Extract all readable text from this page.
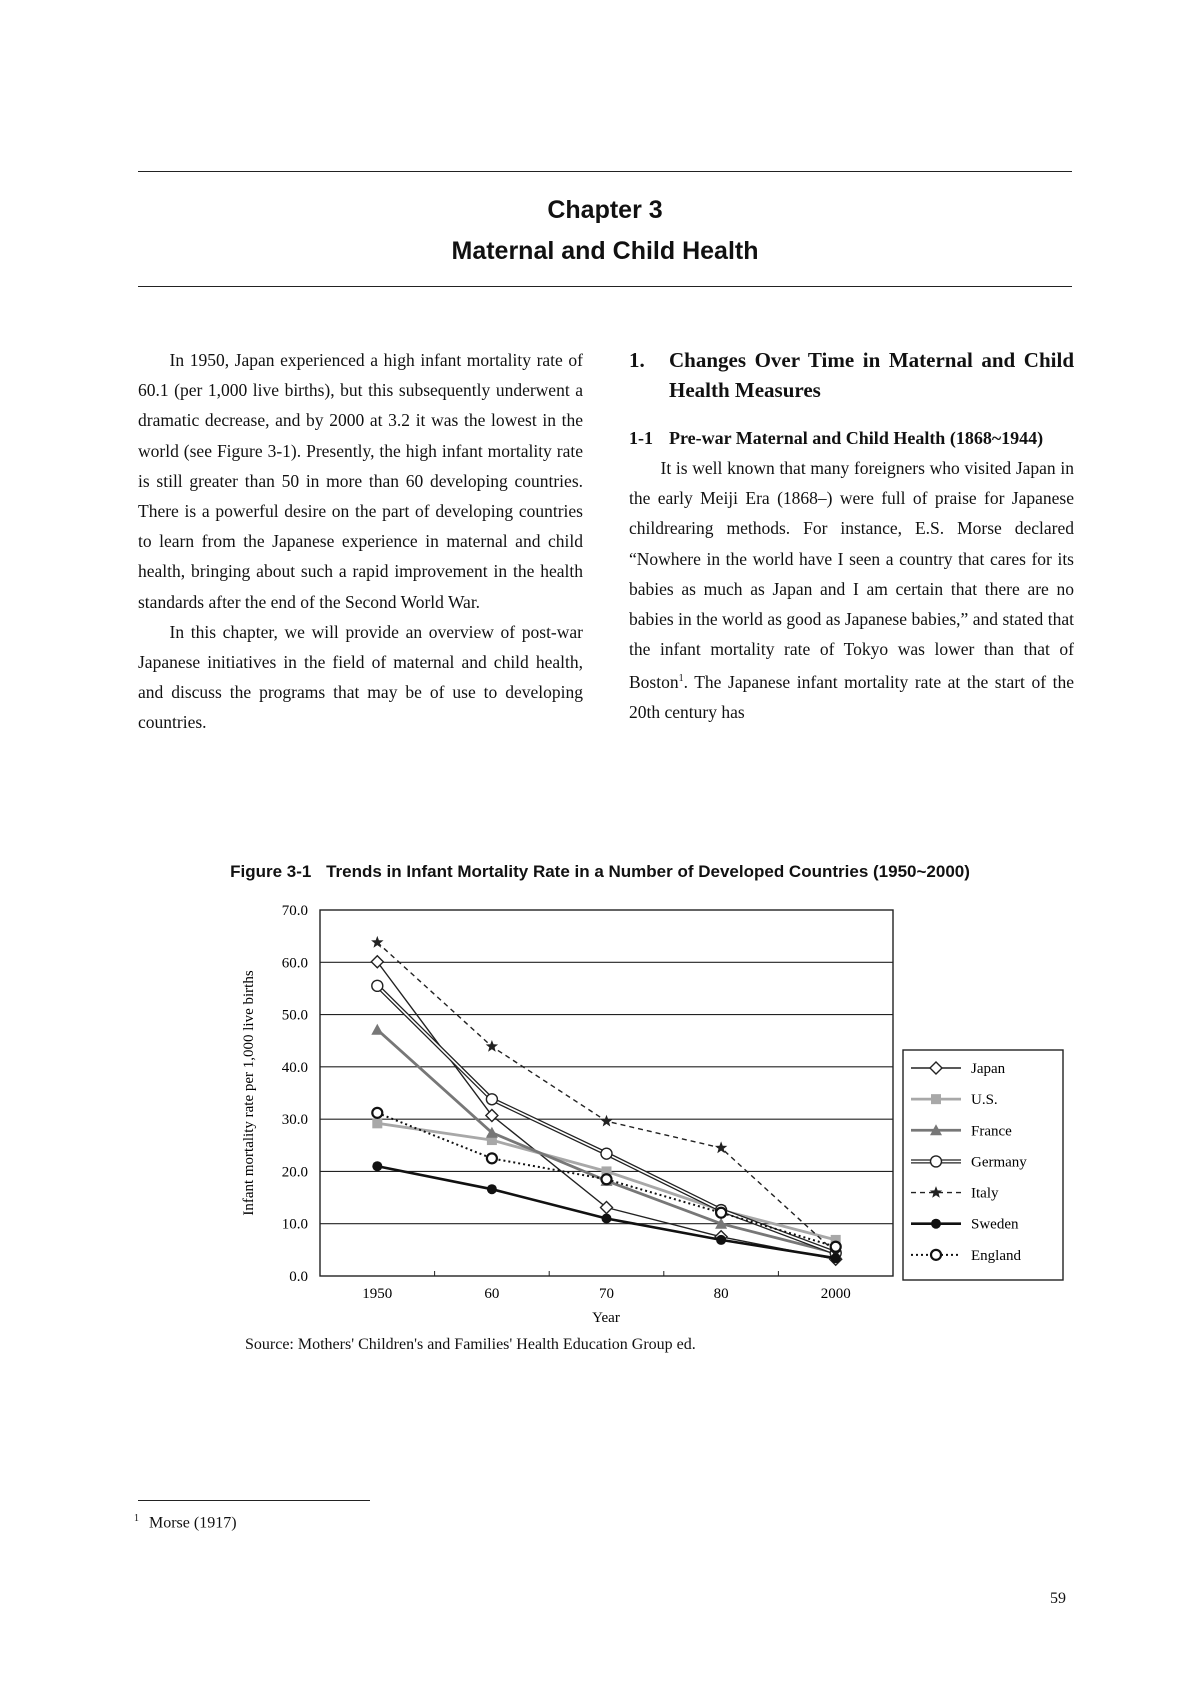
Chapter 3
Maternal and Child Health

In 1950, Japan experienced a high infant mortality rate of 60.1 (per 1,000 live births), but this subsequently underwent a dramatic decrease, and by 2000 at 3.2 it was the lowest in the world (see Figure 3-1). Presently, the high infant mortality rate is still greater than 50 in more than 60 developing countries. There is a powerful desire on the part of developing countries to learn from the Japanese experience in maternal and child health, bringing about such a rapid improvement in the health standards after the end of the Second World War.

In this chapter, we will provide an overview of post-war Japanese initiatives in the field of maternal and child health, and discuss the programs that may be of use to developing countries.

1.	Changes Over Time in Maternal and Child Health Measures
1-1 Pre-war Maternal and Child Health (1868~1944)

It is well known that many foreigners who visited Japan in the early Meiji Era (1868–) were full of praise for Japanese childrearing methods. For instance, E.S. Morse declared “Nowhere in the world have I seen a country that cares for its babies as much as Japan and I am certain that there are no babies in the world as good as Japanese babies,” and stated that the infant mortality rate of Tokyo was lower than that of Boston$^1$. The Japanese infant mortality rate at the start of the 20th century has

Figure 3-1 Trends in Infant Mortality Rate in a Number of Developed Countries (1950~2000)
0.0
10.0
20.0
30.0
40.0
50.0
60.0
70.0
1950	60	70	80	2000
Year
Infant mortality rate per 1,000 live births	Japan
U.S.
France
Germany
Italy
Sweden
England
Source: Mothers' Children's and Families' Health Education Group ed.
$^1$ Morse (1917)
59
